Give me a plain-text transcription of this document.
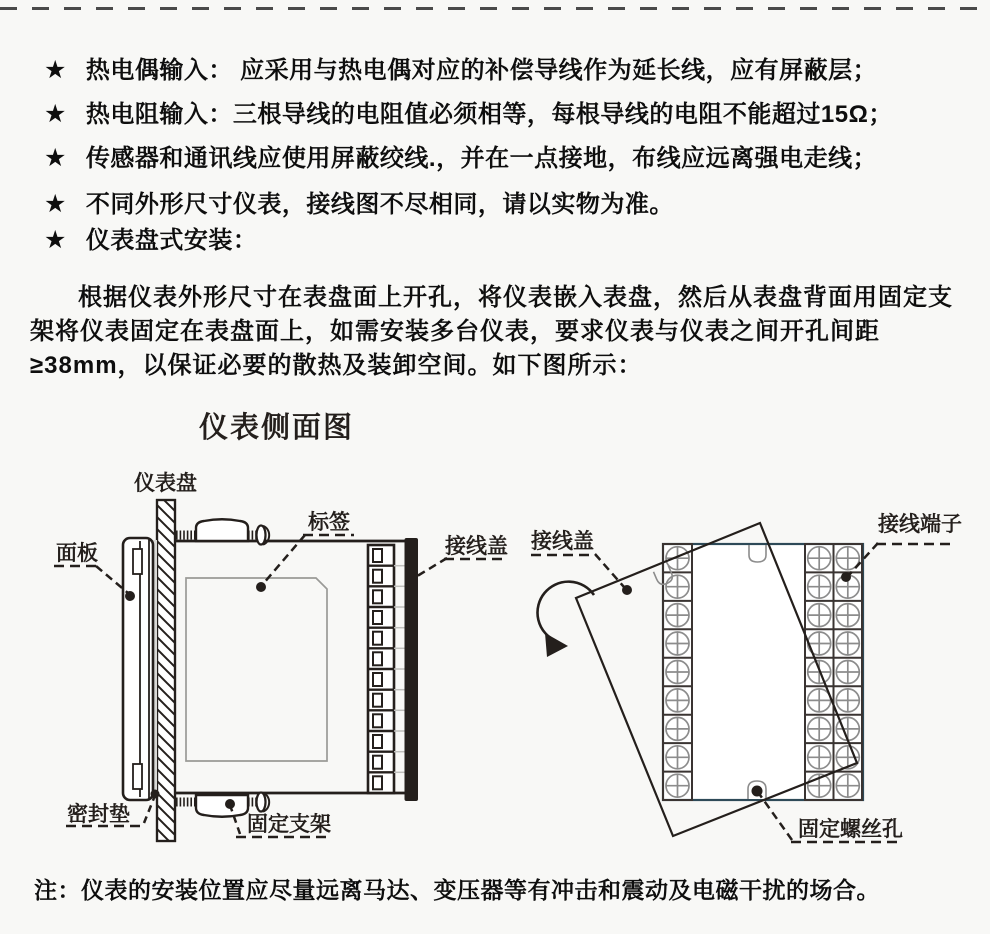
★ 热电偶输入： 应采用与热电偶对应的补偿导线作为延长线，应有屏蔽层；
★ 热电阻输入：三根导线的电阻值必须相等，每根导线的电阻不能超过15Ω；
★ 传感器和通讯线应使用屏蔽绞线.，并在一点接地，布线应远离强电走线；
★ 不同外形尺寸仪表，接线图不尽相同，请以实物为准。
★ 仪表盘式安装：

根据仪表外形尺寸在表盘面上开孔，将仪表嵌入表盘，然后从表盘背面用固定支架将仪表固定在表盘面上，如需安装多台仪表，要求仪表与仪表之间开孔间距≥38mm，以保证必要的散热及装卸空间。如下图所示：

仪表侧面图
仪表盘
面板
标签
接线盖
密封垫	固定支架
接线盖
接线端子
固定螺丝孔
注：仪表的安装位置应尽量远离马达、变压器等有冲击和震动及电磁干扰的场合。
